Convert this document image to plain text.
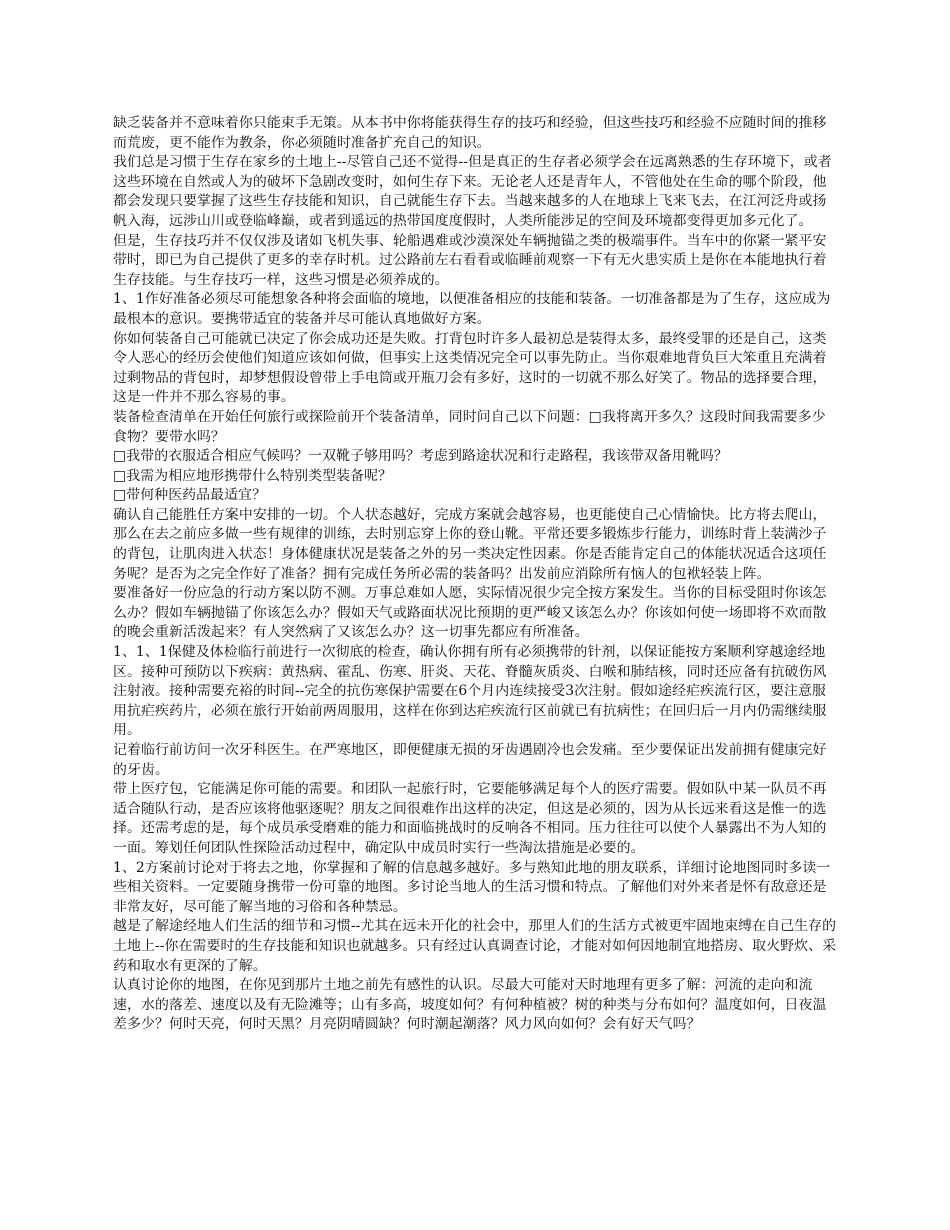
缺乏装备并不意味着你只能束手无策。从本书中你将能获得生存的技巧和经验，但这些技巧和经验不应随时间的推移而荒废，更不能作为教条，你必须随时准备扩充自己的知识。

我们总是习惯于生存在家乡的土地上--尽管自己还不觉得--但是真正的生存者必须学会在远离熟悉的生存环境下，或者这些环境在自然或人为的破坏下急剧改变时，如何生存下来。无论老人还是青年人，不管他处在生命的哪个阶段，他都会发现只要掌握了这些生存技能和知识，自己就能生存下去。当越来越多的人在地球上飞来飞去，在江河泛舟或扬帆入海，远涉山川或登临峰巅，或者到遥远的热带国度度假时，人类所能涉足的空间及环境都变得更加多元化了。

但是，生存技巧并不仅仅涉及诸如飞机失事、轮船遇难或沙漠深处车辆抛锚之类的极端事件。当车中的你紧一紧平安带时，即已为自己提供了更多的幸存时机。过公路前左右看看或临睡前观察一下有无火患实质上是你在本能地执行着生存技能。与生存技巧一样，这些习惯是必须养成的。

1、1作好准备必须尽可能想象各种将会面临的境地，以便准备相应的技能和装备。一切准备都是为了生存，这应成为最根本的意识。要携带适宜的装备并尽可能认真地做好方案。

你如何装备自己可能就已决定了你会成功还是失败。打背包时许多人最初总是装得太多，最终受罪的还是自己，这类令人恶心的经历会使他们知道应该如何做，但事实上这类情况完全可以事先防止。当你艰难地背负巨大笨重且充满着过剩物品的背包时，却梦想假设曾带上手电筒或开瓶刀会有多好，这时的一切就不那么好笑了。物品的选择要合理，这是一件并不那么容易的事。

装备检查清单在开始任何旅行或探险前开个装备清单，同时问自己以下问题：□我将离开多久？这段时间我需要多少食物？要带水吗？

□我带的衣服适合相应气候吗？一双靴子够用吗？考虑到路途状况和行走路程，我该带双备用靴吗？

□我需为相应地形携带什么特别类型装备呢？

□带何种医药品最适宜？

确认自己能胜任方案中安排的一切。个人状态越好，完成方案就会越容易，也更能使自己心情愉快。比方将去爬山，那么在去之前应多做一些有规律的训练，去时别忘穿上你的登山靴。平常还要多锻炼步行能力，训练时背上装满沙子的背包，让肌肉进入状态！身体健康状况是装备之外的另一类决定性因素。你是否能肯定自己的体能状况适合这项任务呢？是否为之完全作好了准备？拥有完成任务所必需的装备吗？出发前应消除所有恼人的包袱轻装上阵。

要准备好一份应急的行动方案以防不测。万事总难如人愿，实际情况很少完全按方案发生。当你的目标受阻时你该怎么办？假如车辆抛锚了你该怎么办？假如天气或路面状况比预期的更严峻又该怎么办？你该如何使一场即将不欢而散的晚会重新活泼起来？有人突然病了又该怎么办？这一切事先都应有所准备。

1、1、1保健及体检临行前进行一次彻底的检查，确认你拥有所有必须携带的针剂，以保证能按方案顺利穿越途经地区。接种可预防以下疾病：黄热病、霍乱、伤寒、肝炎、天花、脊髓灰质炎、白喉和肺结核，同时还应备有抗破伤风注射液。接种需要充裕的时间--完全的抗伤寒保护需要在6个月内连续接受3次注射。假如途经疟疾流行区，要注意服用抗疟疾药片，必须在旅行开始前两周服用，这样在你到达疟疾流行区前就已有抗病性；在回归后一月内仍需继续服用。

记着临行前访问一次牙科医生。在严寒地区，即便健康无损的牙齿遇剧冷也会发痛。至少要保证出发前拥有健康完好的牙齿。

带上医疗包，它能满足你可能的需要。和团队一起旅行时，它要能够满足每个人的医疗需要。假如队中某一队员不再适合随队行动，是否应该将他驱逐呢？朋友之间很难作出这样的决定，但这是必须的，因为从长远来看这是惟一的选择。还需考虑的是，每个成员承受磨难的能力和面临挑战时的反响各不相同。压力往往可以使个人暴露出不为人知的一面。筹划任何团队性探险活动过程中，确定队中成员时实行一些淘汰措施是必要的。

1、2方案前讨论对于将去之地，你掌握和了解的信息越多越好。多与熟知此地的朋友联系，详细讨论地图同时多读一些相关资料。一定要随身携带一份可靠的地图。多讨论当地人的生活习惯和特点。了解他们对外来者是怀有敌意还是非常友好，尽可能了解当地的习俗和各种禁忌。

越是了解途经地人们生活的细节和习惯--尤其在远未开化的社会中，那里人们的生活方式被更牢固地束缚在自己生存的土地上--你在需要时的生存技能和知识也就越多。只有经过认真调查讨论，才能对如何因地制宜地搭房、取火野炊、采药和取水有更深的了解。

认真讨论你的地图，在你见到那片土地之前先有感性的认识。尽最大可能对天时地理有更多了解：河流的走向和流速，水的落差、速度以及有无险滩等；山有多高，坡度如何？有何种植被？树的种类与分布如何？温度如何，日夜温差多少？何时天亮，何时天黑？月亮阴晴圆缺？何时潮起潮落？风力风向如何？会有好天气吗？
